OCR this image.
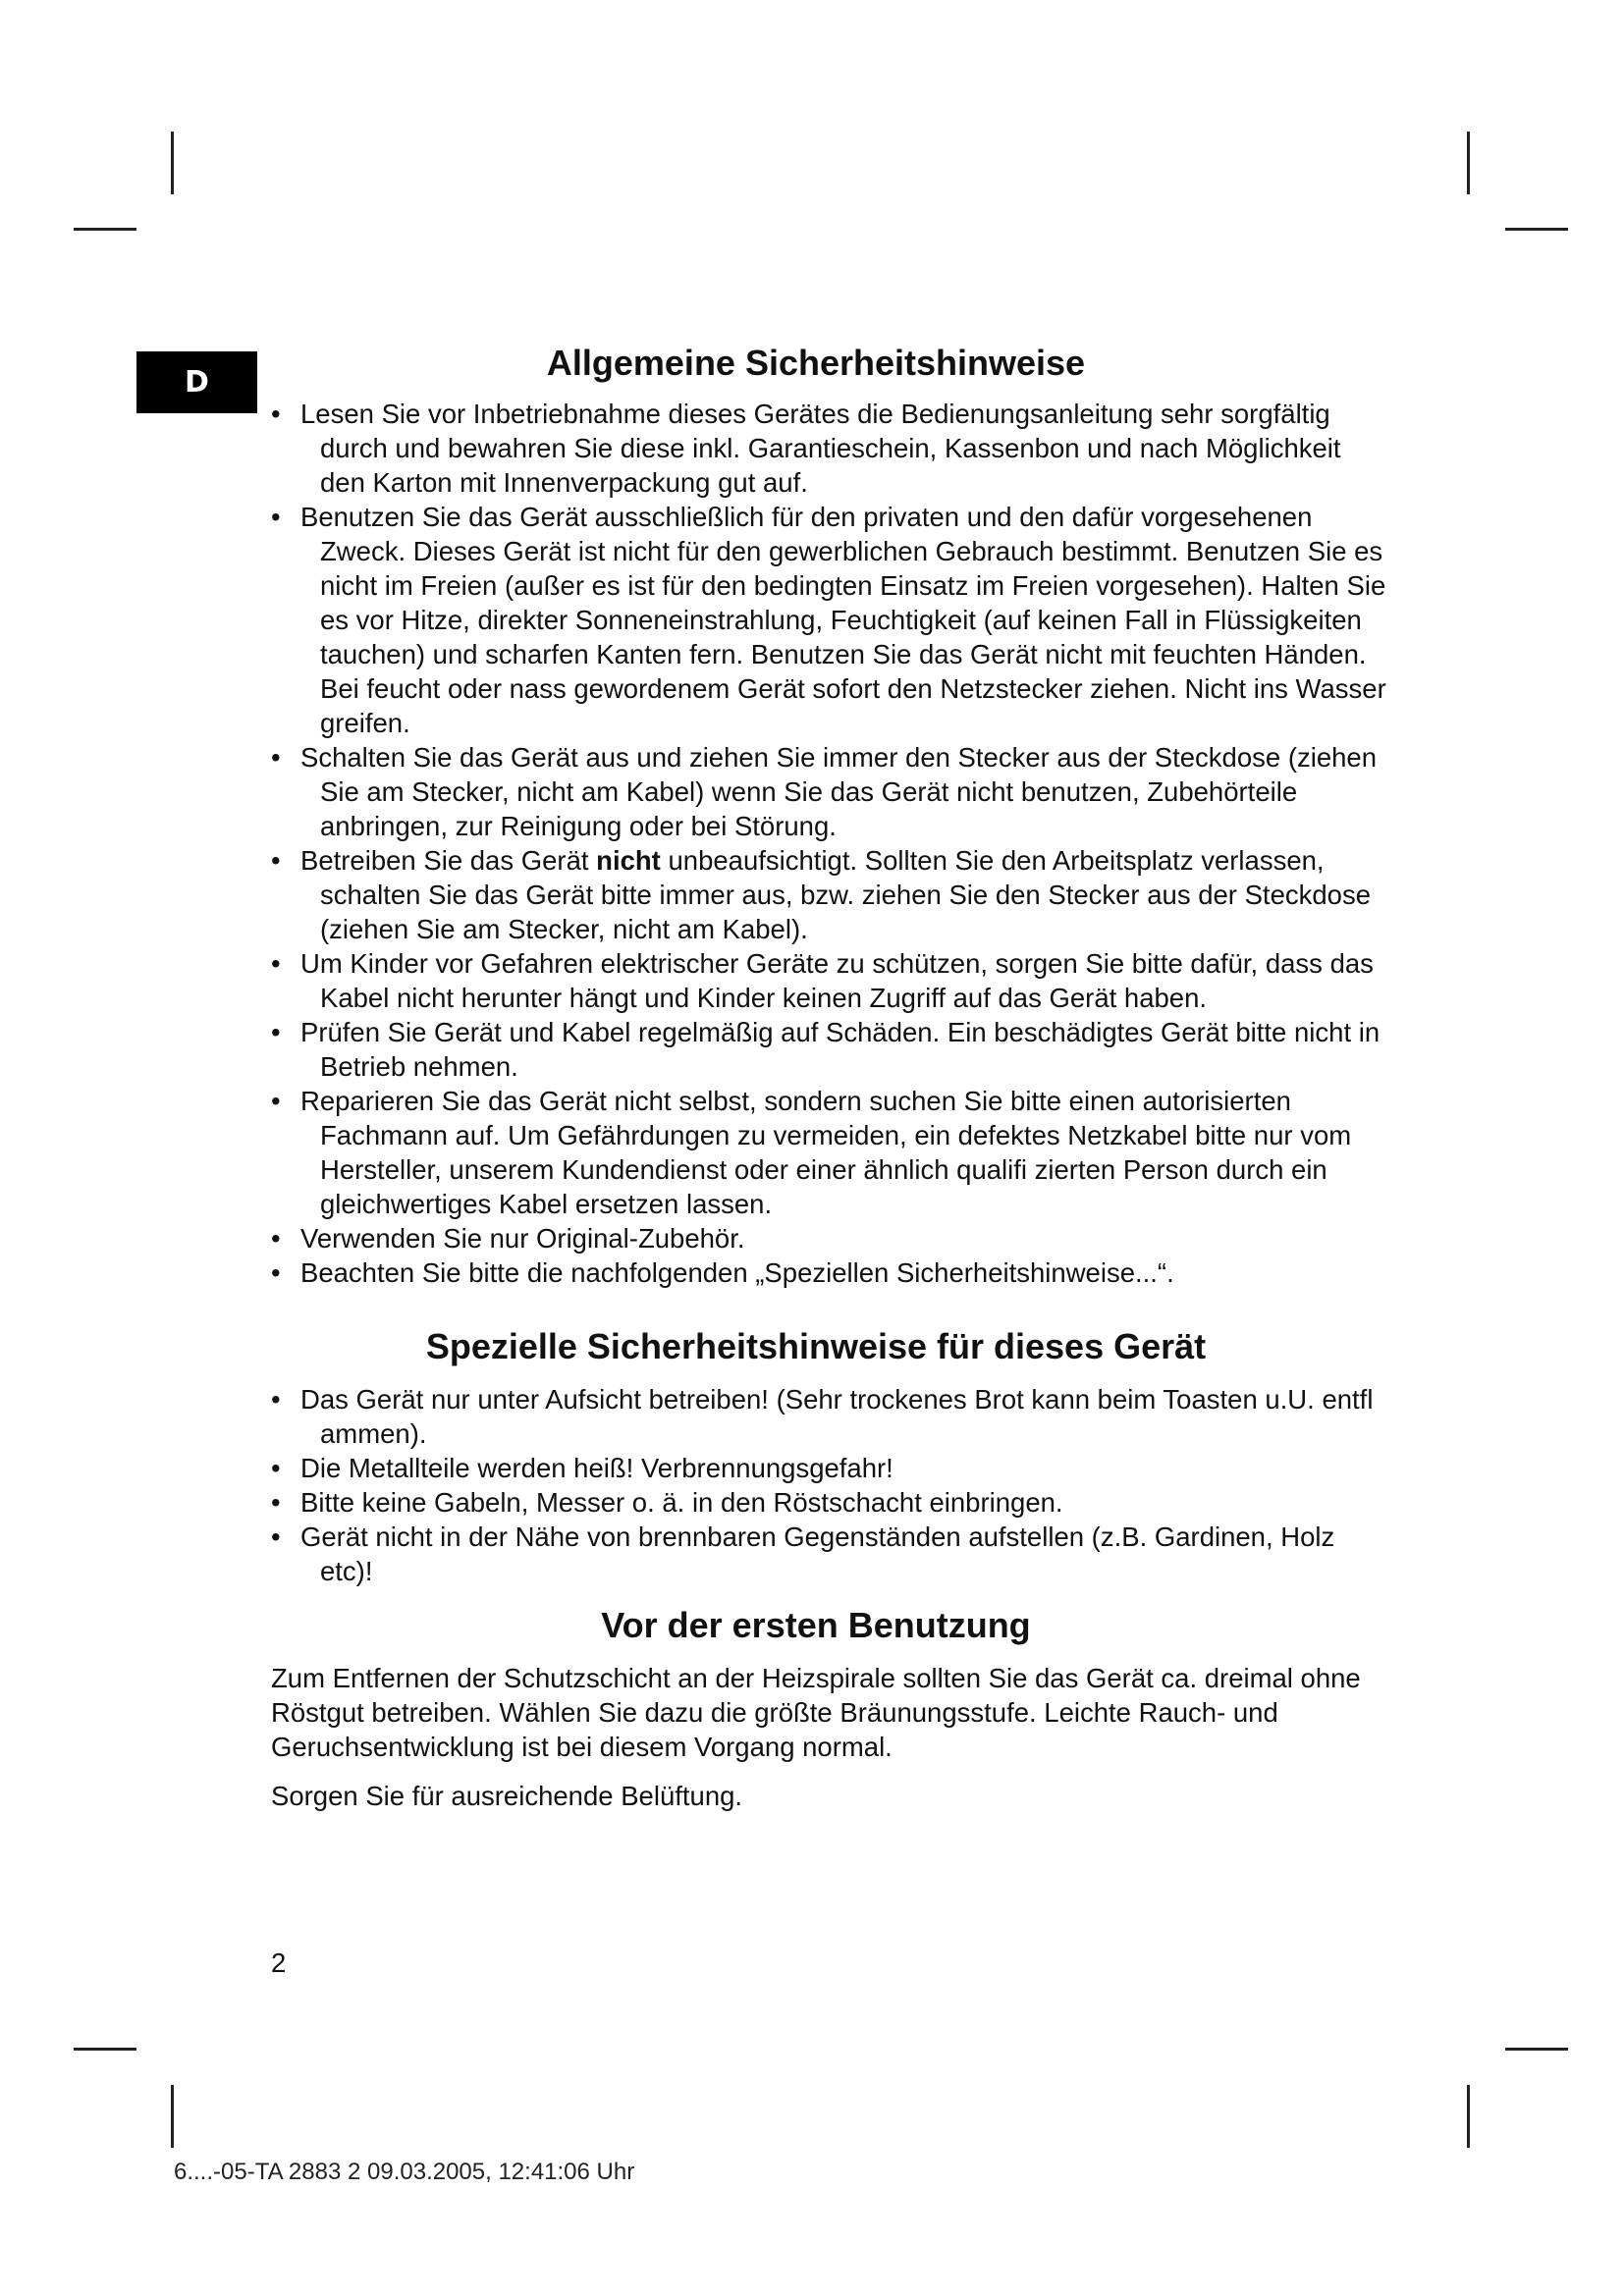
D	Allgemeine Sicherheitshinweise
• Lesen Sie vor Inbetriebnahme dieses Gerätes die Bedienungsanleitung sehr sorgfältig durch und bewahren Sie diese inkl. Garantieschein, Kassenbon und nach Möglichkeit den Karton mit Innenverpackung gut auf.
• Benutzen Sie das Gerät ausschließlich für den privaten und den dafür vorgesehenen Zweck. Dieses Gerät ist nicht für den gewerblichen Gebrauch bestimmt. Benutzen Sie es nicht im Freien (außer es ist für den bedingten Einsatz im Freien vorgesehen). Halten Sie es vor Hitze, direkter Sonneneinstrahlung, Feuchtigkeit (auf keinen Fall in Flüssigkeiten tauchen) und scharfen Kanten fern. Benutzen Sie das Gerät nicht mit feuchten Händen. Bei feucht oder nass gewordenem Gerät sofort den Netzstecker ziehen. Nicht ins Wasser greifen.
• Schalten Sie das Gerät aus und ziehen Sie immer den Stecker aus der Steckdose (ziehen Sie am Stecker, nicht am Kabel) wenn Sie das Gerät nicht benutzen, Zubehörteile anbringen, zur Reinigung oder bei Störung.
• Betreiben Sie das Gerät nicht unbeaufsichtigt. Sollten Sie den Arbeitsplatz verlassen, schalten Sie das Gerät bitte immer aus, bzw. ziehen Sie den Stecker aus der Steckdose (ziehen Sie am Stecker, nicht am Kabel).
• Um Kinder vor Gefahren elektrischer Geräte zu schützen, sorgen Sie bitte dafür, dass das Kabel nicht herunter hängt und Kinder keinen Zugriff auf das Gerät haben.
• Prüfen Sie Gerät und Kabel regelmäßig auf Schäden. Ein beschädigtes Gerät bitte nicht in Betrieb nehmen.
• Reparieren Sie das Gerät nicht selbst, sondern suchen Sie bitte einen autorisierten Fachmann auf. Um Gefährdungen zu vermeiden, ein defektes Netzkabel bitte nur vom Hersteller, unserem Kundendienst oder einer ähnlich qualifi zierten Person durch ein gleichwertiges Kabel ersetzen lassen.
• Verwenden Sie nur Original-Zubehör.
• Beachten Sie bitte die nachfolgenden „Speziellen Sicherheitshinweise...“.
Spezielle Sicherheitshinweise für dieses Gerät
• Das Gerät nur unter Aufsicht betreiben! (Sehr trockenes Brot kann beim Toasten u.U. entfl ammen).
• Die Metallteile werden heiß! Verbrennungsgefahr!
• Bitte keine Gabeln, Messer o. ä. in den Röstschacht einbringen.
• Gerät nicht in der Nähe von brennbaren Gegenständen aufstellen (z.B. Gardinen, Holz etc)!
Vor der ersten Benutzung

Zum Entfernen der Schutzschicht an der Heizspirale sollten Sie das Gerät ca. dreimal ohne Röstgut betreiben. Wählen Sie dazu die größte Bräunungsstufe. Leichte Rauch- und Geruchsentwicklung ist bei diesem Vorgang normal.

Sorgen Sie für ausreichende Belüftung.

2
6....-05-TA 2883 2 09.03.2005, 12:41:06 Uhr
